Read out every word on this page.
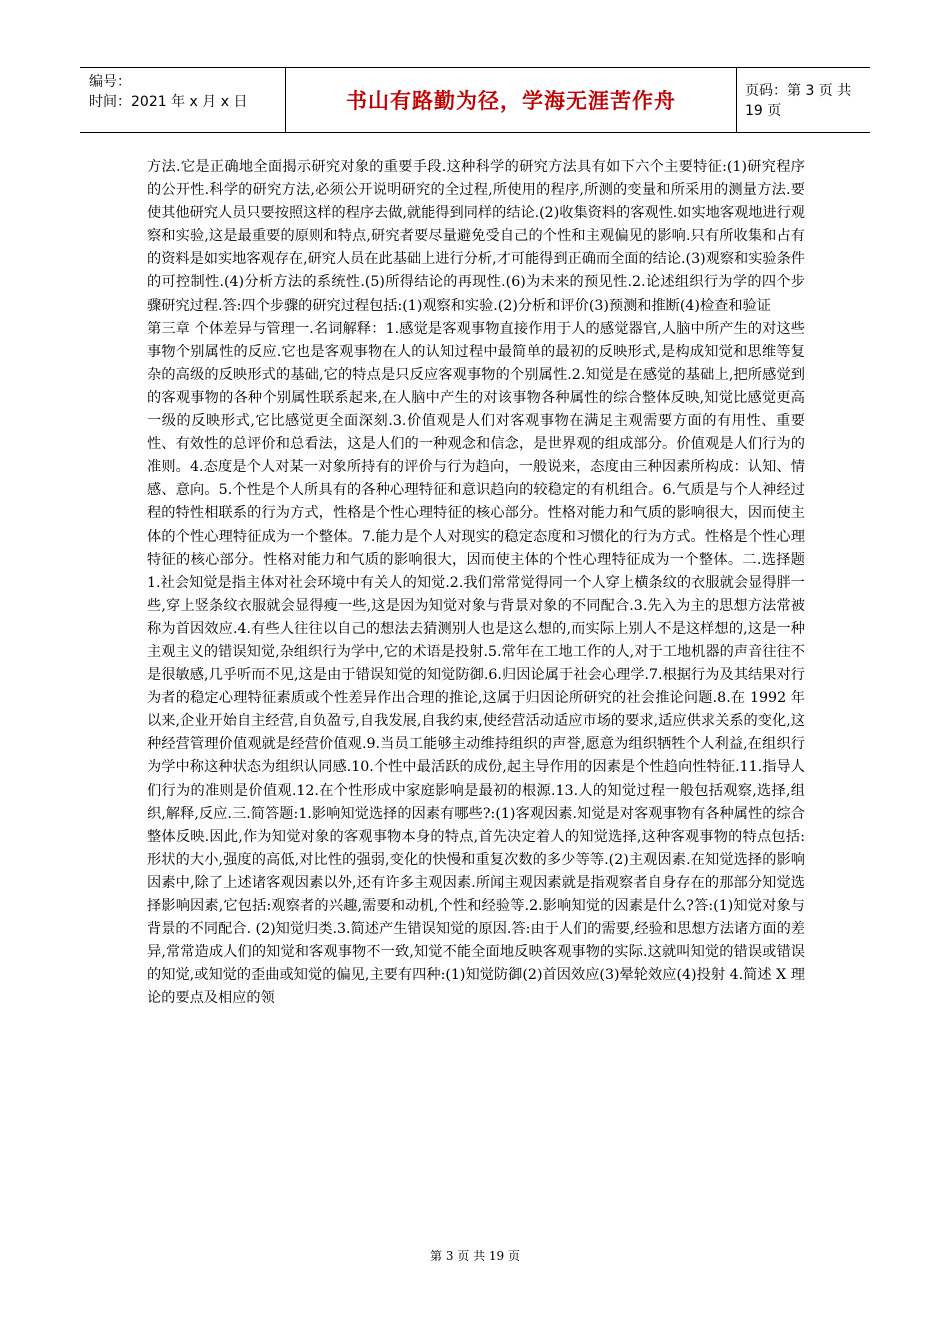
编号：
时间：2021 年 x 月 x 日	书山有路勤为径，学海无涯苦作舟	页码：第 3 页 共 19 页

方法.它是正确地全面揭示研究对象的重要手段.这种科学的研究方法具有如下六个主要特征:(1)研究程序的公开性.科学的研究方法,必须公开说明研究的全过程,所使用的程序,所测的变量和所采用的测量方法.要使其他研究人员只要按照这样的程序去做,就能得到同样的结论.(2)收集资料的客观性.如实地客观地进行观察和实验,这是最重要的原则和特点,研究者要尽量避免受自己的个性和主观偏见的影响.只有所收集和占有的资料是如实地客观存在,研究人员在此基础上进行分析,才可能得到正确而全面的结论.(3)观察和实验条件的可控制性.(4)分析方法的系统性.(5)所得结论的再现性.(6)为未来的预见性.2.论述组织行为学的四个步骤研究过程.答:四个步骤的研究过程包括:(1)观察和实验.(2)分析和评价(3)预测和推断(4)检查和验证

第三章 个体差异与管理一.名词解释：1.感觉是客观事物直接作用于人的感觉器官,人脑中所产生的对这些事物个别属性的反应.它也是客观事物在人的认知过程中最简单的最初的反映形式,是构成知觉和思维等复杂的高级的反映形式的基础,它的特点是只反应客观事物的个别属性.2.知觉是在感觉的基础上,把所感觉到的客观事物的各种个别属性联系起来,在人脑中产生的对该事物各种属性的综合整体反映,知觉比感觉更高一级的反映形式,它比感觉更全面深刻.3.价值观是人们对客观事物在满足主观需要方面的有用性、重要性、有效性的总评价和总看法，这是人们的一种观念和信念，是世界观的组成部分。价值观是人们行为的准则。4.态度是个人对某一对象所持有的评价与行为趋向，一般说来，态度由三种因素所构成：认知、情感、意向。5.个性是个人所具有的各种心理特征和意识趋向的较稳定的有机组合。6.气质是与个人神经过程的特性相联系的行为方式，性格是个性心理特征的核心部分。性格对能力和气质的影响很大，因而使主体的个性心理特征成为一个整体。7.能力是个人对现实的稳定态度和习惯化的行为方式。性格是个性心理特征的核心部分。性格对能力和气质的影响很大，因而使主体的个性心理特征成为一个整体。二.选择题 1.社会知觉是指主体对社会环境中有关人的知觉.2.我们常常觉得同一个人穿上横条纹的衣服就会显得胖一些,穿上竖条纹衣服就会显得瘦一些,这是因为知觉对象与背景对象的不同配合.3.先入为主的思想方法常被称为首因效应.4.有些人往往以自己的想法去猜测别人也是这么想的,而实际上别人不是这样想的,这是一种主观主义的错误知觉,杂组织行为学中,它的术语是投射.5.常年在工地工作的人,对于工地机器的声音往往不是很敏感,几乎听而不见,这是由于错误知觉的知觉防御.6.归因论属于社会心理学.7.根据行为及其结果对行为者的稳定心理特征素质或个性差异作出合理的推论,这属于归因论所研究的社会推论问题.8.在 1992 年以来,企业开始自主经营,自负盈亏,自我发展,自我约束,使经营活动适应市场的要求,适应供求关系的变化,这种经营管理价值观就是经营价值观.9.当员工能够主动维持组织的声誉,愿意为组织牺牲个人利益,在组织行为学中称这种状态为组织认同感.10.个性中最活跃的成份,起主导作用的因素是个性趋向性特征.11.指导人们行为的准则是价值观.12.在个性形成中家庭影响是最初的根源.13.人的知觉过程一般包括观察,选择,组织,解释,反应.三.简答题:1.影响知觉选择的因素有哪些?:(1)客观因素.知觉是对客观事物有各种属性的综合整体反映.因此,作为知觉对象的客观事物本身的特点,首先决定着人的知觉选择,这种客观事物的特点包括:形状的大小,强度的高低,对比性的强弱,变化的快慢和重复次数的多少等等.(2)主观因素.在知觉选择的影响因素中,除了上述诸客观因素以外,还有许多主观因素.所闻主观因素就是指观察者自身存在的那部分知觉选择影响因素,它包括:观察者的兴趣,需要和动机,个性和经验等.2.影响知觉的因素是什么?答:(1)知觉对象与背景的不同配合. (2)知觉归类.3.简述产生错误知觉的原因.答:由于人们的需要,经验和思想方法诸方面的差异,常常造成人们的知觉和客观事物不一致,知觉不能全面地反映客观事物的实际.这就叫知觉的错误或错误的知觉,或知觉的歪曲或知觉的偏见,主要有四种:(1)知觉防御(2)首因效应(3)晕轮效应(4)投射 4.简述 X 理论的要点及相应的领

第 3 页 共 19 页
